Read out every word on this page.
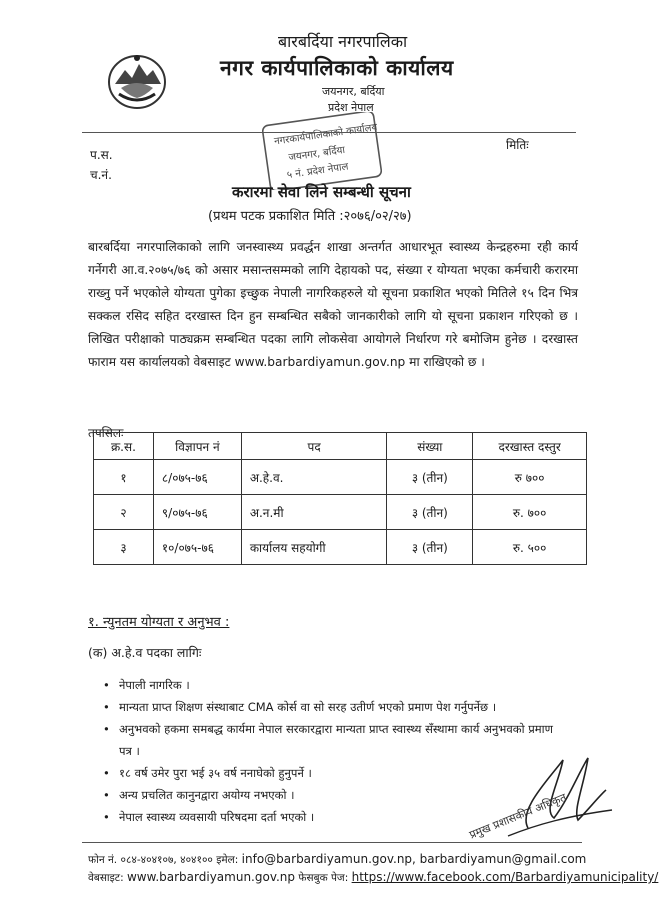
बारबर्दिया नगरपालिका
नगर कार्यपालिकाको कार्यालय
जयनगर, बर्दिया
प्रदेश नेपाल
नगरकार्यपालिकाको कार्यालय
जयनगर, बर्दिया
५ नं. प्रदेश नेपाल
प.स.
च.नं.
मितिः
करारमा सेवा लिने सम्बन्धी सूचना
(प्रथम पटक प्रकाशित मिति :२०७६/०२/२७)
बारबर्दिया नगरपालिकाको लागि जनस्वास्थ्य प्रवर्द्धन शाखा अन्तर्गत आधारभूत स्वास्थ्य केन्द्रहरुमा रही कार्य गर्नेगरी आ.व.२०७५/७६ को असार मसान्तसम्मको लागि देहायको पद, संख्या र योग्यता भएका कर्मचारी करारमा राख्नु पर्ने भएकोले योग्यता पुगेका इच्छुक नेपाली नागरिकहरुले यो सूचना प्रकाशित भएको मितिले १५ दिन भित्र सक्कल रसिद सहित दरखास्त दिन हुन सम्बन्धित सबैको जानकारीको लागि यो सूचना प्रकाशन गरिएको छ । लिखित परीक्षाको पाठ्यक्रम सम्बन्धित पदका लागि लोकसेवा आयोगले निर्धारण गरे बमोजिम हुनेछ । दरखास्त फाराम यस कार्यालयको वेबसाइट www.barbardiyamun.gov.np मा राखिएको छ ।
तपसिलः
क्र.स.	विज्ञापन नं	पद	संख्या	दरखास्त दस्तुर
१	८/०७५-७६	अ.हे.व.	३ (तीन)	रु ७००
२	९/०७५-७६	अ.न.मी	३ (तीन)	रु. ७००
३	१०/०७५-७६	कार्यालय सहयोगी	३ (तीन)	रु. ५००
१. न्युनतम योग्यता र अनुभव :
(क) अ.हे.व पदका लागिः
• नेपाली नागरिक ।
• मान्यता प्राप्त शिक्षण संस्थाबाट CMA कोर्स वा सो सरह उतीर्ण भएको प्रमाण पेश गर्नुपर्नेछ ।
• अनुभवको हकमा समबद्ध कार्यमा नेपाल सरकारद्वारा मान्यता प्राप्त स्वास्थ्य सँस्थामा कार्य अनुभवको प्रमाण पत्र ।
• १८ वर्ष उमेर पुरा भई ३५ वर्ष ननाघेको हुनुपर्ने ।
• अन्य प्रचलित कानुनद्वारा अयोग्य नभएको ।
• नेपाल स्वास्थ्य व्यवसायी परिषदमा दर्ता भएको ।	प्रमुख प्रशासकीय अधिकृत
फोन नं. ०८४-४०४१०७, ४०४१०० इमेल: info@barbardiyamun.gov.np, barbardiyamun@gmail.com
वेबसाइट: www.barbardiyamun.gov.np फेसबुक पेज: https://www.facebook.com/Barbardiyamunicipality/
